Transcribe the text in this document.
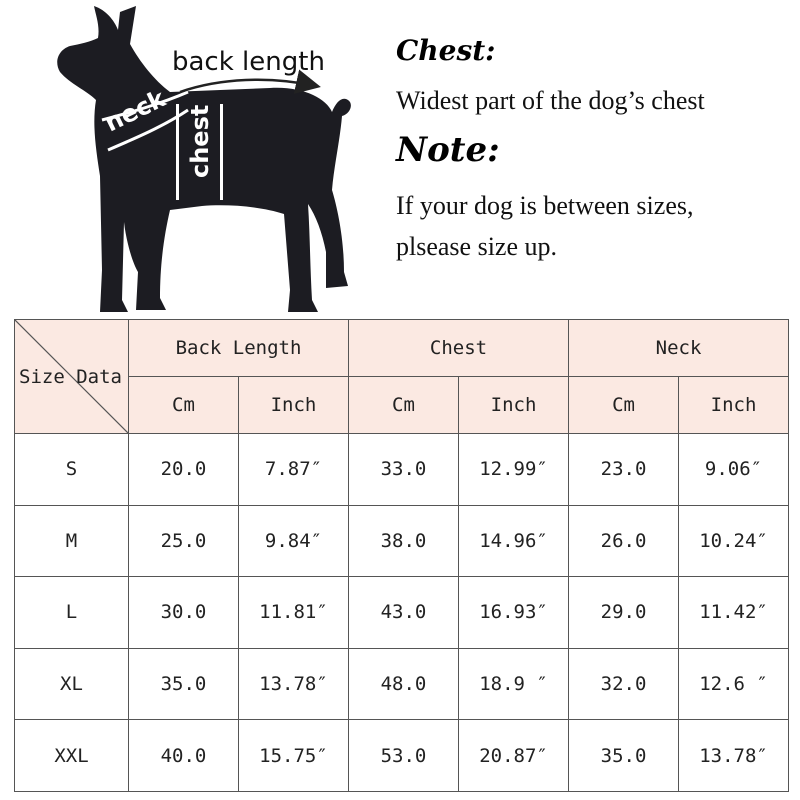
back length
neck chest
Chest:

Widest part of the dog’s chest

Note:

If your dog is between sizes,

plsease size up.

Size Data	Back Length		Chest		Neck	
	Cm	Inch	Cm	Inch	Cm	Inch
S	20.0	7.87″	33.0	12.99″	23.0	9.06″
M	25.0	9.84″	38.0	14.96″	26.0	10.24″
L	30.0	11.81″	43.0	16.93″	29.0	11.42″
XL	35.0	13.78″	48.0	18.9 ″	32.0	12.6 ″
XXL	40.0	15.75″	53.0	20.87″	35.0	13.78″
